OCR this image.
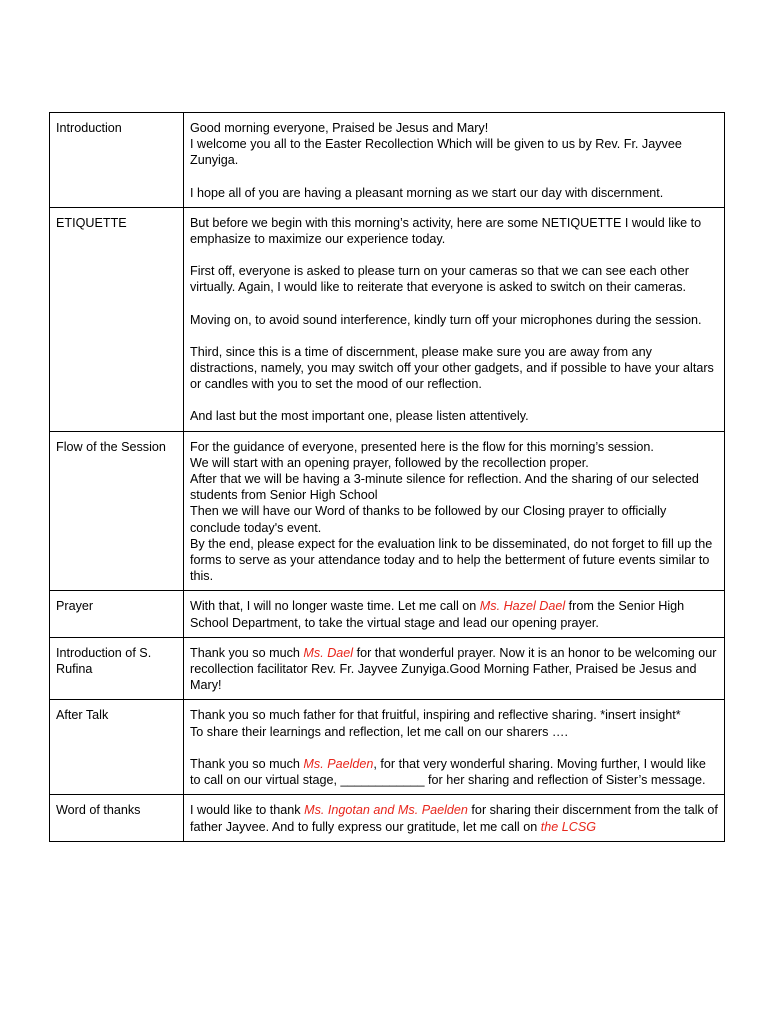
Introduction	Good morning everyone, Praised be Jesus and Mary!
I welcome you all to the Easter Recollection Which will be given to us by Rev. Fr. Jayvee Zunyiga.
I hope all of you are having a pleasant morning as we start our day with discernment.

ETIQUETTE	But before we begin with this morning’s activity, here are some NETIQUETTE I would like to emphasize to maximize our experience today.
First off, everyone is asked to please turn on your cameras so that we can see each other virtually. Again, I would like to reiterate that everyone is asked to switch on their cameras.
Moving on, to avoid sound interference, kindly turn off your microphones during the session.
Third, since this is a time of discernment, please make sure you are away from any distractions, namely, you may switch off your other gadgets, and if possible to have your altars or candles with you to set the mood of our reflection.
And last but the most important one, please listen attentively.

Flow of the Session	For the guidance of everyone, presented here is the flow for this morning’s session.
We will start with an opening prayer, followed by the recollection proper.
After that we will be having a 3-minute silence for reflection. And the sharing of our selected students from Senior High School
Then we will have our Word of thanks to be followed by our Closing prayer to officially conclude today's event.
By the end, please expect for the evaluation link to be disseminated, do not forget to fill up the forms to serve as your attendance today and to help the betterment of future events similar to this.

Prayer	With that, I will no longer waste time. Let me call on Ms. Hazel Dael from the Senior High School Department, to take the virtual stage and lead our opening prayer.

Introduction of S. Rufina	Thank you so much Ms. Dael for that wonderful prayer. Now it is an honor to be welcoming our recollection facilitator Rev. Fr. Jayvee Zunyiga.Good Morning Father, Praised be Jesus and Mary!

After Talk	Thank you so much father for that fruitful, inspiring and reflective sharing. *insert insight*
To share their learnings and reflection, let me call on our sharers ….
Thank you so much Ms. Paelden, for that very wonderful sharing. Moving further, I would like to call on our virtual stage, ____________ for her sharing and reflection of Sister’s message.

Word of thanks	I would like to thank Ms. Ingotan and Ms. Paelden for sharing their discernment from the talk of father Jayvee. And to fully express our gratitude, let me call on the LCSG
